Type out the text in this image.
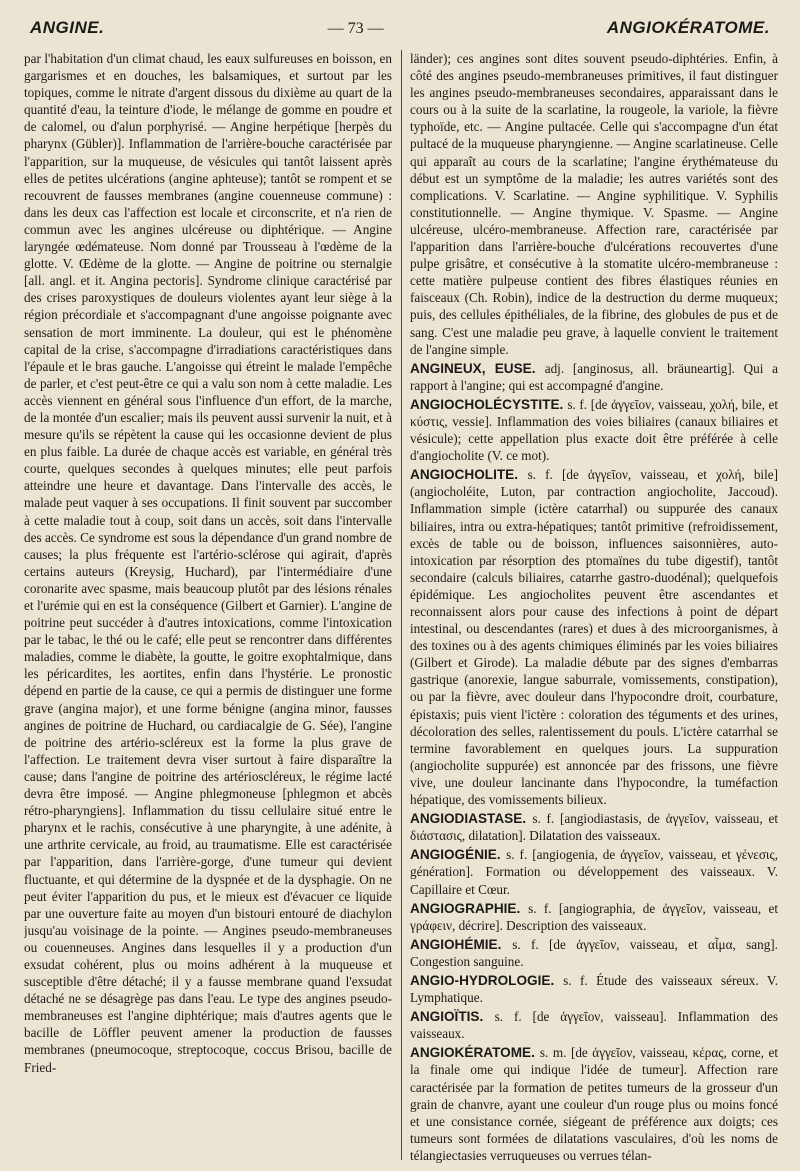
ANGINE.	— 73 —	ANGIOKÉRATOME.

par l'habitation d'un climat chaud, les eaux sulfureuses en boisson, en gargarismes et en douches, les balsamiques, et surtout par les topiques, comme le nitrate d'argent dissous du dixième au quart de la quantité d'eau, la teinture d'iode, le mélange de gomme en poudre et de calomel, ou d'alun porphyrisé. — Angine herpétique [herpès du pharynx (Gübler)]. Inflammation de l'arrière-bouche caractérisée par l'apparition, sur la muqueuse, de vésicules qui tantôt laissent après elles de petites ulcérations (angine aphteuse); tantôt se rompent et se recouvrent de fausses membranes (angine couenneuse commune) : dans les deux cas l'affection est locale et circonscrite, et n'a rien de commun avec les angines ulcéreuse ou diphtérique. — Angine laryngée œdémateuse. Nom donné par Trousseau à l'œdème de la glotte. V. Œdème de la glotte. — Angine de poitrine ou sternalgie [all. angl. et it. Angina pectoris]. Syndrome clinique caractérisé par des crises paroxystiques de douleurs violentes ayant leur siège à la région précordiale et s'accompagnant d'une angoisse poignante avec sensation de mort imminente. La douleur, qui est le phénomène capital de la crise, s'accompagne d'irradiations caractéristiques dans l'épaule et le bras gauche. L'angoisse qui étreint le malade l'empêche de parler, et c'est peut-être ce qui a valu son nom à cette maladie. Les accès viennent en général sous l'influence d'un effort, de la marche, de la montée d'un escalier; mais ils peuvent aussi survenir la nuit, et à mesure qu'ils se répètent la cause qui les occasionne devient de plus en plus faible. La durée de chaque accès est variable, en général très courte, quelques secondes à quelques minutes; elle peut parfois atteindre une heure et davantage. Dans l'intervalle des accès, le malade peut vaquer à ses occupations. Il finit souvent par succomber à cette maladie tout à coup, soit dans un accès, soit dans l'intervalle des accès. Ce syndrome est sous la dépendance d'un grand nombre de causes; la plus fréquente est l'artério-sclérose qui agirait, d'après certains auteurs (Kreysig, Huchard), par l'intermédiaire d'une coronarite avec spasme, mais beaucoup plutôt par des lésions rénales et l'urémie qui en est la conséquence (Gilbert et Garnier). L'angine de poitrine peut succéder à d'autres intoxications, comme l'intoxication par le tabac, le thé ou le café; elle peut se rencontrer dans différentes maladies, comme le diabète, la goutte, le goitre exophtalmique, dans les péricardites, les aortites, enfin dans l'hystérie. Le pronostic dépend en partie de la cause, ce qui a permis de distinguer une forme grave (angina major), et une forme bénigne (angina minor, fausses angines de poitrine de Huchard, ou cardiacalgie de G. Sée), l'angine de poitrine des artério-scléreux est la forme la plus grave de l'affection. Le traitement devra viser surtout à faire disparaître la cause; dans l'angine de poitrine des artérioscléreux, le régime lacté devra être imposé. — Angine phlegmoneuse [phlegmon et abcès rétro-pharyngiens]. Inflammation du tissu cellulaire situé entre le pharynx et le rachis, consécutive à une pharyngite, à une adénite, à une arthrite cervicale, au froid, au traumatisme. Elle est caractérisée par l'apparition, dans l'arrière-gorge, d'une tumeur qui devient fluctuante, et qui détermine de la dyspnée et de la dysphagie. On ne peut éviter l'apparition du pus, et le mieux est d'évacuer ce liquide par une ouverture faite au moyen d'un bistouri entouré de diachylon jusqu'au voisinage de la pointe. — Angines pseudo-membraneuses ou couenneuses. Angines dans lesquelles il y a production d'un exsudat cohérent, plus ou moins adhérent à la muqueuse et susceptible d'être détaché; il y a fausse membrane quand l'exsudat détaché ne se désagrège pas dans l'eau. Le type des angines pseudo-membraneuses est l'angine diphtérique; mais d'autres agents que le bacille de Löffler peuvent amener la production de fausses membranes (pneumocoque, streptocoque, coccus Brisou, bacille de Fried-

länder); ces angines sont dites souvent pseudo-diphtéries. Enfin, à côté des angines pseudo-membraneuses primitives, il faut distinguer les angines pseudo-membraneuses secondaires, apparaissant dans le cours ou à la suite de la scarlatine, la rougeole, la variole, la fièvre typhoïde, etc. — Angine pultacée. Celle qui s'accompagne d'un état pultacé de la muqueuse pharyngienne. — Angine scarlatineuse. Celle qui apparaît au cours de la scarlatine; l'angine érythémateuse du début est un symptôme de la maladie; les autres variétés sont des complications. V. Scarlatine. — Angine syphilitique. V. Syphilis constitutionnelle. — Angine thymique. V. Spasme. — Angine ulcéreuse, ulcéro-membraneuse. Affection rare, caractérisée par l'apparition dans l'arrière-bouche d'ulcérations recouvertes d'une pulpe grisâtre, et consécutive à la stomatite ulcéro-membraneuse : cette matière pulpeuse contient des fibres élastiques réunies en faisceaux (Ch. Robin), indice de la destruction du derme muqueux; puis, des cellules épithéliales, de la fibrine, des globules de pus et de sang. C'est une maladie peu grave, à laquelle convient le traitement de l'angine simple.

ANGINEUX, EUSE. adj. [anginosus, all. bräuneartig]. Qui a rapport à l'angine; qui est accompagné d'angine.
ANGIOCHOLÉCYSTITE. s. f. [de ἀγγεῖον, vaisseau, χολή, bile, et κύστις, vessie]. Inflammation des voies biliaires (canaux biliaires et vésicule); cette appellation plus exacte doit être préférée à celle d'angiocholite (V. ce mot).
ANGIOCHOLITE. s. f. [de ἀγγεῖον, vaisseau, et χολή, bile] (angiocholéite, Luton, par contraction angiocholite, Jaccoud). Inflammation simple (ictère catarrhal) ou suppurée des canaux biliaires, intra ou extra-hépatiques; tantôt primitive (refroidissement, excès de table ou de boisson, influences saisonnières, auto-intoxication par résorption des ptomaïnes du tube digestif), tantôt secondaire (calculs biliaires, catarrhe gastro-duodénal); quelquefois épidémique. Les angiocholites peuvent être ascendantes et reconnaissent alors pour cause des infections à point de départ intestinal, ou descendantes (rares) et dues à des microorganismes, à des toxines ou à des agents chimiques éliminés par les voies biliaires (Gilbert et Girode). La maladie débute par des signes d'embarras gastrique (anorexie, langue saburrale, vomissements, constipation), ou par la fièvre, avec douleur dans l'hypocondre droit, courbature, épistaxis; puis vient l'ictère : coloration des téguments et des urines, décoloration des selles, ralentissement du pouls. L'ictère catarrhal se termine favorablement en quelques jours. La suppuration (angiocholite suppurée) est annoncée par des frissons, une fièvre vive, une douleur lancinante dans l'hypocondre, la tuméfaction hépatique, des vomissements bilieux.
ANGIODIASTASE. s. f. [angiodiastasis, de ἀγγεῖον, vaisseau, et διάστασις, dilatation]. Dilatation des vaisseaux.
ANGIOGÉNIE. s. f. [angiogenia, de ἀγγεῖον, vaisseau, et γένεσις, génération]. Formation ou développement des vaisseaux. V. Capillaire et Cœur.
ANGIOGRAPHIE. s. f. [angiographia, de ἀγγεῖον, vaisseau, et γράφειν, décrire]. Description des vaisseaux.
ANGIOHÉMIE. s. f. [de ἀγγεῖον, vaisseau, et αἷμα, sang]. Congestion sanguine.
ANGIO-HYDROLOGIE. s. f. Étude des vaisseaux séreux. V. Lymphatique.
ANGIOÏTIS. s. f. [de ἀγγεῖον, vaisseau]. Inflammation des vaisseaux.
ANGIOKÉRATOME. s. m. [de ἀγγεῖον, vaisseau, κέρας, corne, et la finale ome qui indique l'idée de tumeur]. Affection rare caractérisée par la formation de petites tumeurs de la grosseur d'un grain de chanvre, ayant une couleur d'un rouge plus ou moins foncé et une consistance cornée, siégeant de préférence aux doigts; ces tumeurs sont formées de dilatations vasculaires, d'où les noms de télangiectasies verruqueuses ou verrues télan-
